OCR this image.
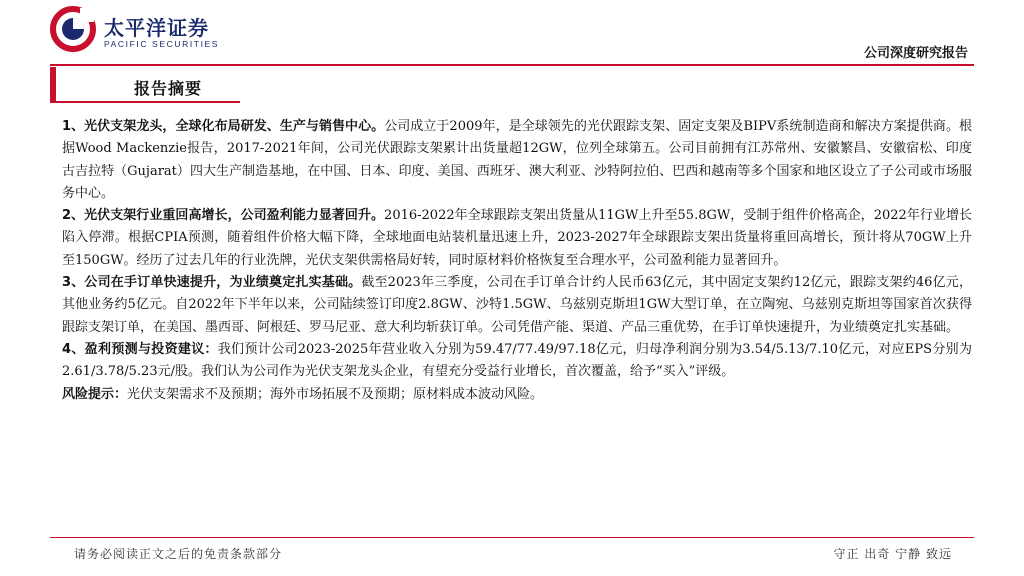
太平洋证券
PACIFIC SECURITIES
公司深度研究报告
报告摘要

1、光伏支架龙头，全球化布局研发、生产与销售中心。公司成立于2009年，是全球领先的光伏跟踪支架、固定支架及BIPV系统制造商和解决方案提供商。根据Wood Mackenzie报告，2017-2021年间，公司光伏跟踪支架累计出货量超12GW，位列全球第五。公司目前拥有江苏常州、安徽繁昌、安徽宿松、印度古吉拉特（Gujarat）四大生产制造基地，在中国、日本、印度、美国、西班牙、澳大利亚、沙特阿拉伯、巴西和越南等多个国家和地区设立了子公司或市场服务中心。

2、光伏支架行业重回高增长，公司盈利能力显著回升。2016-2022年全球跟踪支架出货量从11GW上升至55.8GW，受制于组件价格高企，2022年行业增长陷入停滞。根据CPIA预测，随着组件价格大幅下降，全球地面电站装机量迅速上升，2023-2027年全球跟踪支架出货量将重回高增长，预计将从70GW上升至150GW。经历了过去几年的行业洗牌，光伏支架供需格局好转，同时原材料价格恢复至合理水平，公司盈利能力显著回升。

3、公司在手订单快速提升，为业绩奠定扎实基础。截至2023年三季度，公司在手订单合计约人民币63亿元，其中固定支架约12亿元，跟踪支架约46亿元，其他业务约5亿元。自2022年下半年以来，公司陆续签订印度2.8GW、沙特1.5GW、乌兹别克斯坦1GW大型订单，在立陶宛、乌兹别克斯坦等国家首次获得跟踪支架订单，在美国、墨西哥、阿根廷、罗马尼亚、意大利均斩获订单。公司凭借产能、渠道、产品三重优势，在手订单快速提升，为业绩奠定扎实基础。

4、盈利预测与投资建议：我们预计公司2023-2025年营业收入分别为59.47/77.49/97.18亿元，归母净利润分别为3.54/5.13/7.10亿元，对应EPS分别为2.61/3.78/5.23元/股。我们认为公司作为光伏支架龙头企业，有望充分受益行业增长，首次覆盖，给予“买入”评级。

风险提示：光伏支架需求不及预期；海外市场拓展不及预期；原材料成本波动风险。

请务必阅读正文之后的免责条款部分	守正 出奇 宁静 致远
